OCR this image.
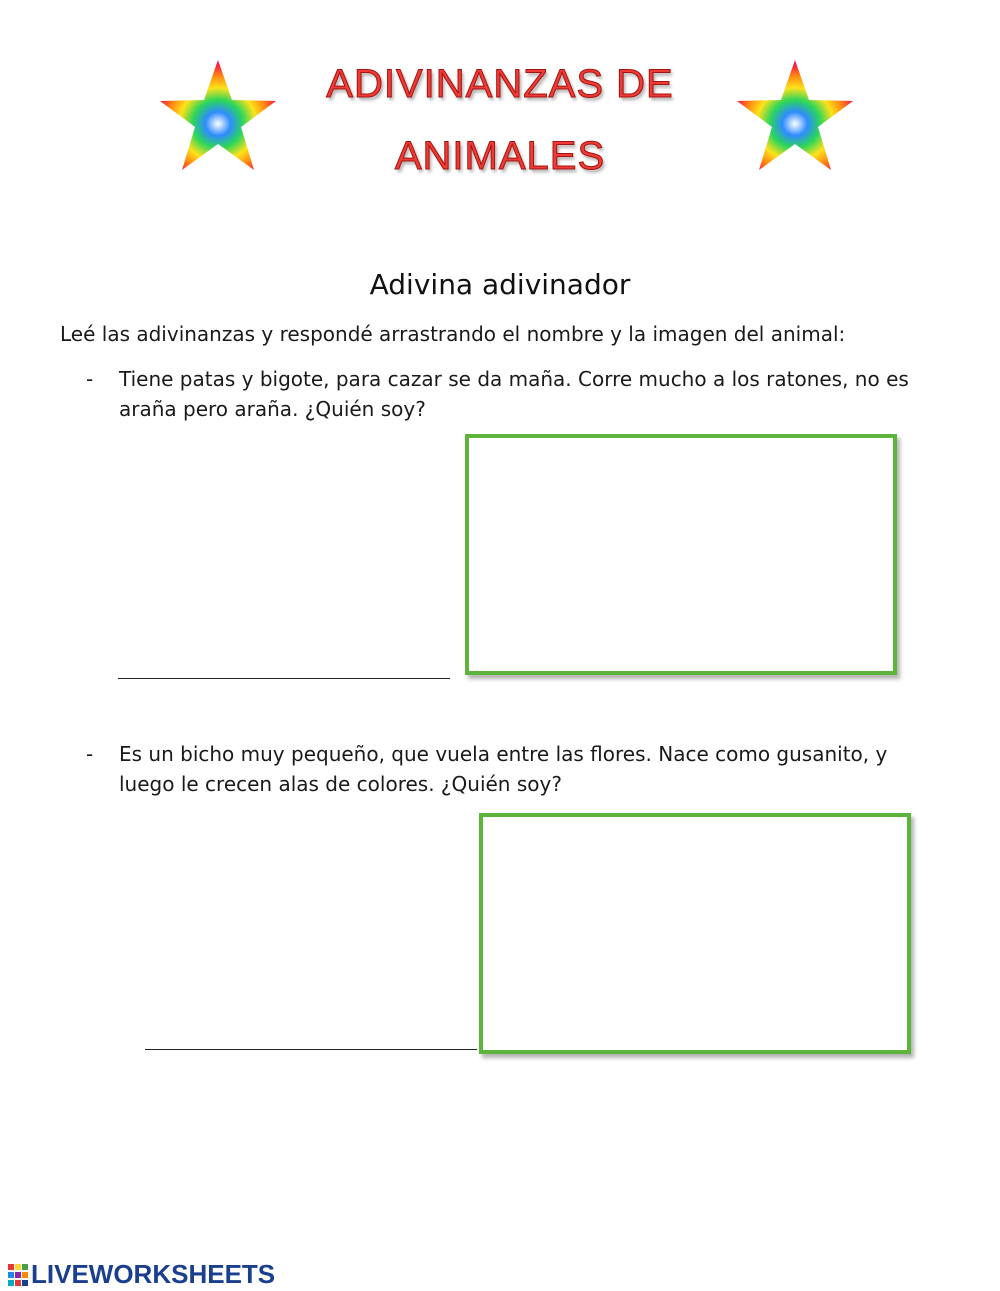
ADIVINANZAS DE
ANIMALES
Adivina adivinador
Leé las adivinanzas y respondé arrastrando el nombre y la imagen del animal:
- Tiene patas y bigote, para cazar se da maña. Corre mucho a los ratones, no es araña pero araña. ¿Quién soy?
- Es un bicho muy pequeño, que vuela entre las flores. Nace como gusanito, y luego le crecen alas de colores. ¿Quién soy?
LIVEWORKSHEETS
